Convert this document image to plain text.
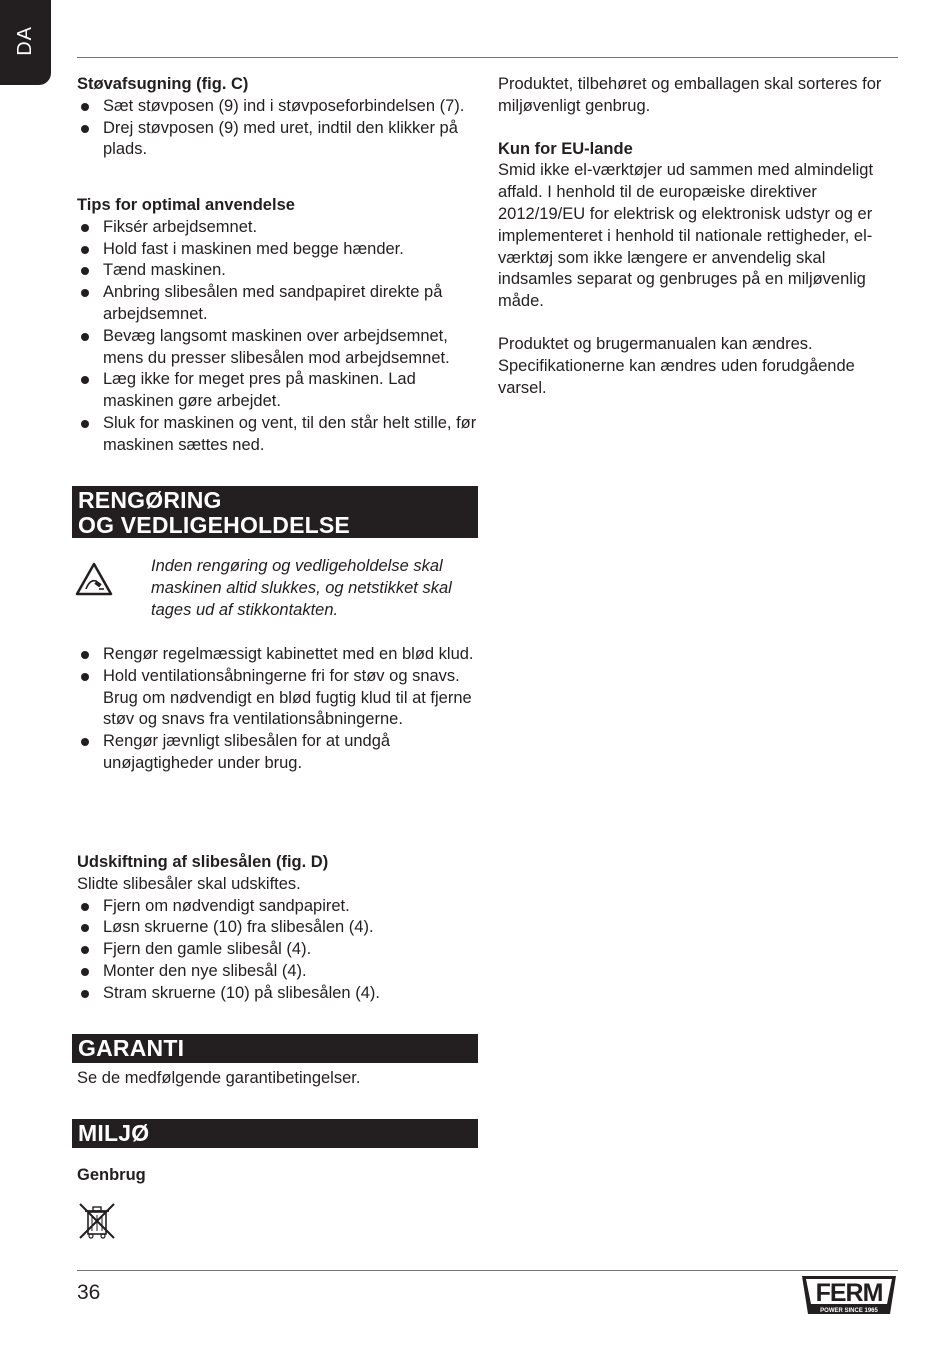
DA

Støvafsugning (fig. C)

Sæt støvposen (9) ind i støvposeforbindelsen (7).
Drej støvposen (9) med uret, indtil den klikker på plads.

Tips for optimal anvendelse

Fiksér arbejdsemnet.
Hold fast i maskinen med begge hænder.
Tænd maskinen.
Anbring slibesålen med sandpapiret direkte på arbejdsemnet.
Bevæg langsomt maskinen over arbejdsemnet, mens du presser slibesålen mod arbejdsemnet.
Læg ikke for meget pres på maskinen. Lad maskinen gøre arbejdet.
Sluk for maskinen og vent, til den står helt stille, før maskinen sættes ned.
RENGØRING
OG VEDLIGEHOLDELSE
Inden rengøring og vedligeholdelse skal maskinen altid slukkes, og netstikket skal tages ud af stikkontakten.
Rengør regelmæssigt kabinettet med en blød klud.
Hold ventilationsåbningerne fri for støv og snavs. Brug om nødvendigt en blød fugtig klud til at fjerne støv og snavs fra ventilationsåbningerne.
Rengør jævnligt slibesålen for at undgå unøjagtigheder under brug.

Udskiftning af slibesålen (fig. D)

Slidte slibesåler skal udskiftes.

Fjern om nødvendigt sandpapiret.
Løsn skruerne (10) fra slibesålen (4).
Fjern den gamle slibesål (4).
Monter den nye slibesål (4).
Stram skruerne (10) på slibesålen (4).
GARANTI
Se de medfølgende garantibetingelser.
MILJØ
Genbrug

Produktet, tilbehøret og emballagen skal sorteres for miljøvenligt genbrug.

Kun for EU-lande

Smid ikke el-værktøjer ud sammen med almindeligt affald. I henhold til de europæiske direktiver 2012/19/EU for elektrisk og elektronisk udstyr og er implementeret i henhold til nationale rettigheder, el-værktøj som ikke længere er anvendelig skal indsamles separat og genbruges på en miljøvenlig måde.

Produktet og brugermanualen kan ændres. Specifikationerne kan ændres uden forudgående varsel.

36	FERM
POWER SINCE 1965
